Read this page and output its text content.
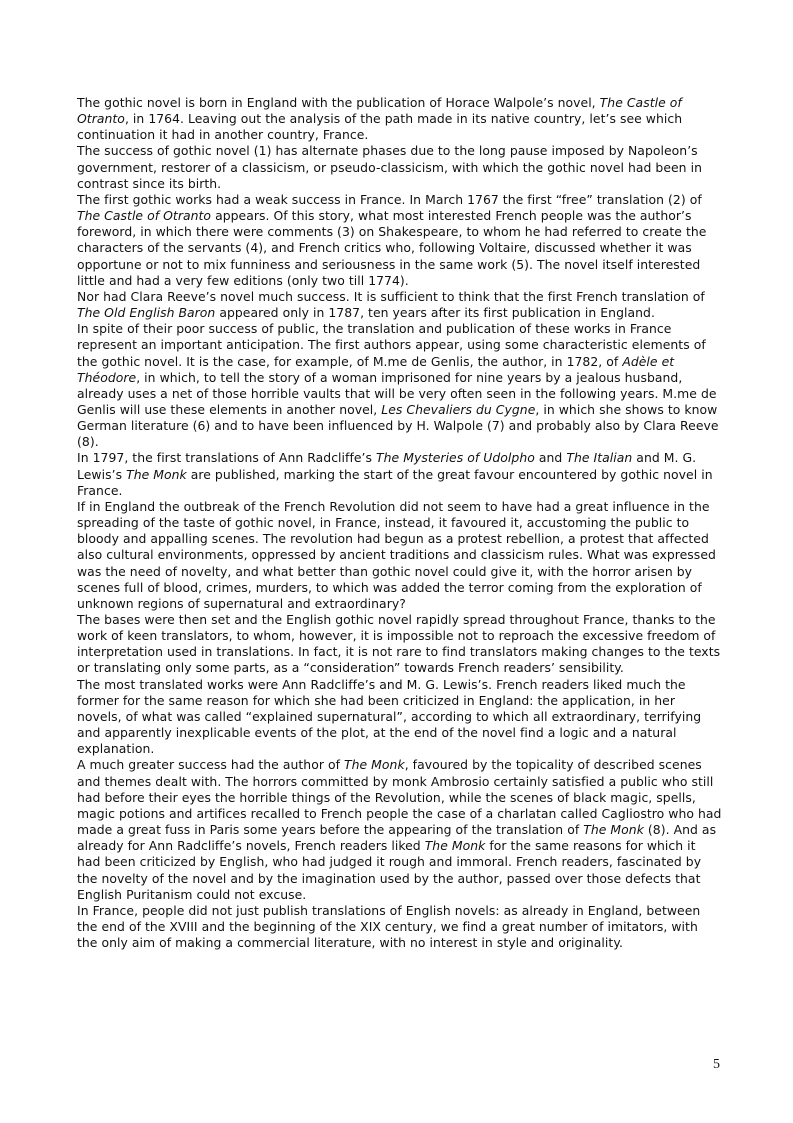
The gothic novel is born in England with the publication of Horace Walpole’s novel, The Castle of Otranto, in 1764. Leaving out the analysis of the path made in its native country, let’s see which continuation it had in another country, France.

The success of gothic novel (1) has alternate phases due to the long pause imposed by Napoleon’s government, restorer of a classicism, or pseudo-classicism, with which the gothic novel had been in contrast since its birth.

The first gothic works had a weak success in France. In March 1767 the first “free” translation (2) of The Castle of Otranto appears. Of this story, what most interested French people was the author’s foreword, in which there were comments (3) on Shakespeare, to whom he had referred to create the characters of the servants (4), and French critics who, following Voltaire, discussed whether it was opportune or not to mix funniness and seriousness in the same work (5). The novel itself interested little and had a very few editions (only two till 1774).

Nor had Clara Reeve’s novel much success. It is sufficient to think that the first French translation of The Old English Baron appeared only in 1787, ten years after its first publication in England.

In spite of their poor success of public, the translation and publication of these works in France represent an important anticipation. The first authors appear, using some characteristic elements of the gothic novel. It is the case, for example, of M.me de Genlis, the author, in 1782, of Adèle et Théodore, in which, to tell the story of a woman imprisoned for nine years by a jealous husband, already uses a net of those horrible vaults that will be very often seen in the following years. M.me de Genlis will use these elements in another novel, Les Chevaliers du Cygne, in which she shows to know German literature (6) and to have been influenced by H. Walpole (7) and probably also by Clara Reeve (8).

In 1797, the first translations of Ann Radcliffe’s The Mysteries of Udolpho and The Italian and M. G. Lewis’s The Monk are published, marking the start of the great favour encountered by gothic novel in France.

If in England the outbreak of the French Revolution did not seem to have had a great influence in the spreading of the taste of gothic novel, in France, instead, it favoured it, accustoming the public to bloody and appalling scenes. The revolution had begun as a protest rebellion, a protest that affected also cultural environments, oppressed by ancient traditions and classicism rules. What was expressed was the need of novelty, and what better than gothic novel could give it, with the horror arisen by scenes full of blood, crimes, murders, to which was added the terror coming from the exploration of unknown regions of supernatural and extraordinary?

The bases were then set and the English gothic novel rapidly spread throughout France, thanks to the work of keen translators, to whom, however, it is impossible not to reproach the excessive freedom of interpretation used in translations. In fact, it is not rare to find translators making changes to the texts or translating only some parts, as a “consideration” towards French readers’ sensibility.

The most translated works were Ann Radcliffe’s and M. G. Lewis’s. French readers liked much the former for the same reason for which she had been criticized in England: the application, in her novels, of what was called “explained supernatural”, according to which all extraordinary, terrifying and apparently inexplicable events of the plot, at the end of the novel find a logic and a natural explanation.

A much greater success had the author of The Monk, favoured by the topicality of described scenes and themes dealt with. The horrors committed by monk Ambrosio certainly satisfied a public who still had before their eyes the horrible things of the Revolution, while the scenes of black magic, spells, magic potions and artifices recalled to French people the case of a charlatan called Cagliostro who had made a great fuss in Paris some years before the appearing of the translation of The Monk (8). And as already for Ann Radcliffe’s novels, French readers liked The Monk for the same reasons for which it had been criticized by English, who had judged it rough and immoral. French readers, fascinated by the novelty of the novel and by the imagination used by the author, passed over those defects that English Puritanism could not excuse.

In France, people did not just publish translations of English novels: as already in England, between the end of the XVIII and the beginning of the XIX century, we find a great number of imitators, with the only aim of making a commercial literature, with no interest in style and originality.

5
